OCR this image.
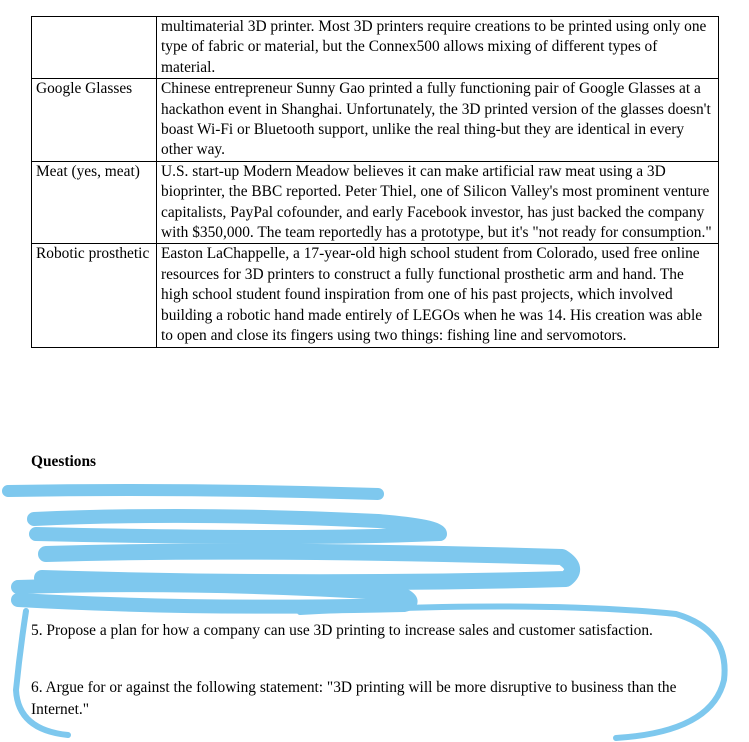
	multimaterial 3D printer. Most 3D printers require creations to be printed using only one type of fabric or material, but the Connex500 allows mixing of different types of material.
Google Glasses	Chinese entrepreneur Sunny Gao printed a fully functioning pair of Google Glasses at a hackathon event in Shanghai. Unfortunately, the 3D printed version of the glasses doesn't boast Wi-Fi or Bluetooth support, unlike the real thing-but they are identical in every other way.
Meat (yes, meat)	U.S. start-up Modern Meadow believes it can make artificial raw meat using a 3D bioprinter, the BBC reported. Peter Thiel, one of Silicon Valley's most prominent venture capitalists, PayPal cofounder, and early Facebook investor, has just backed the company with $350,000. The team reportedly has a prototype, but it's "not ready for consumption."
Robotic prosthetic	Easton LaChappelle, a 17-year-old high school student from Colorado, used free online resources for 3D printers to construct a fully functional prosthetic arm and hand. The high school student found inspiration from one of his past projects, which involved building a robotic hand made entirely of LEGOs when he was 14. His creation was able to open and close its fingers using two things: fishing line and servomotors.
Questions
5. Propose a plan for how a company can use 3D printing to increase sales and customer satisfaction.
6. Argue for or against the following statement: "3D printing will be more disruptive to business than the Internet."
